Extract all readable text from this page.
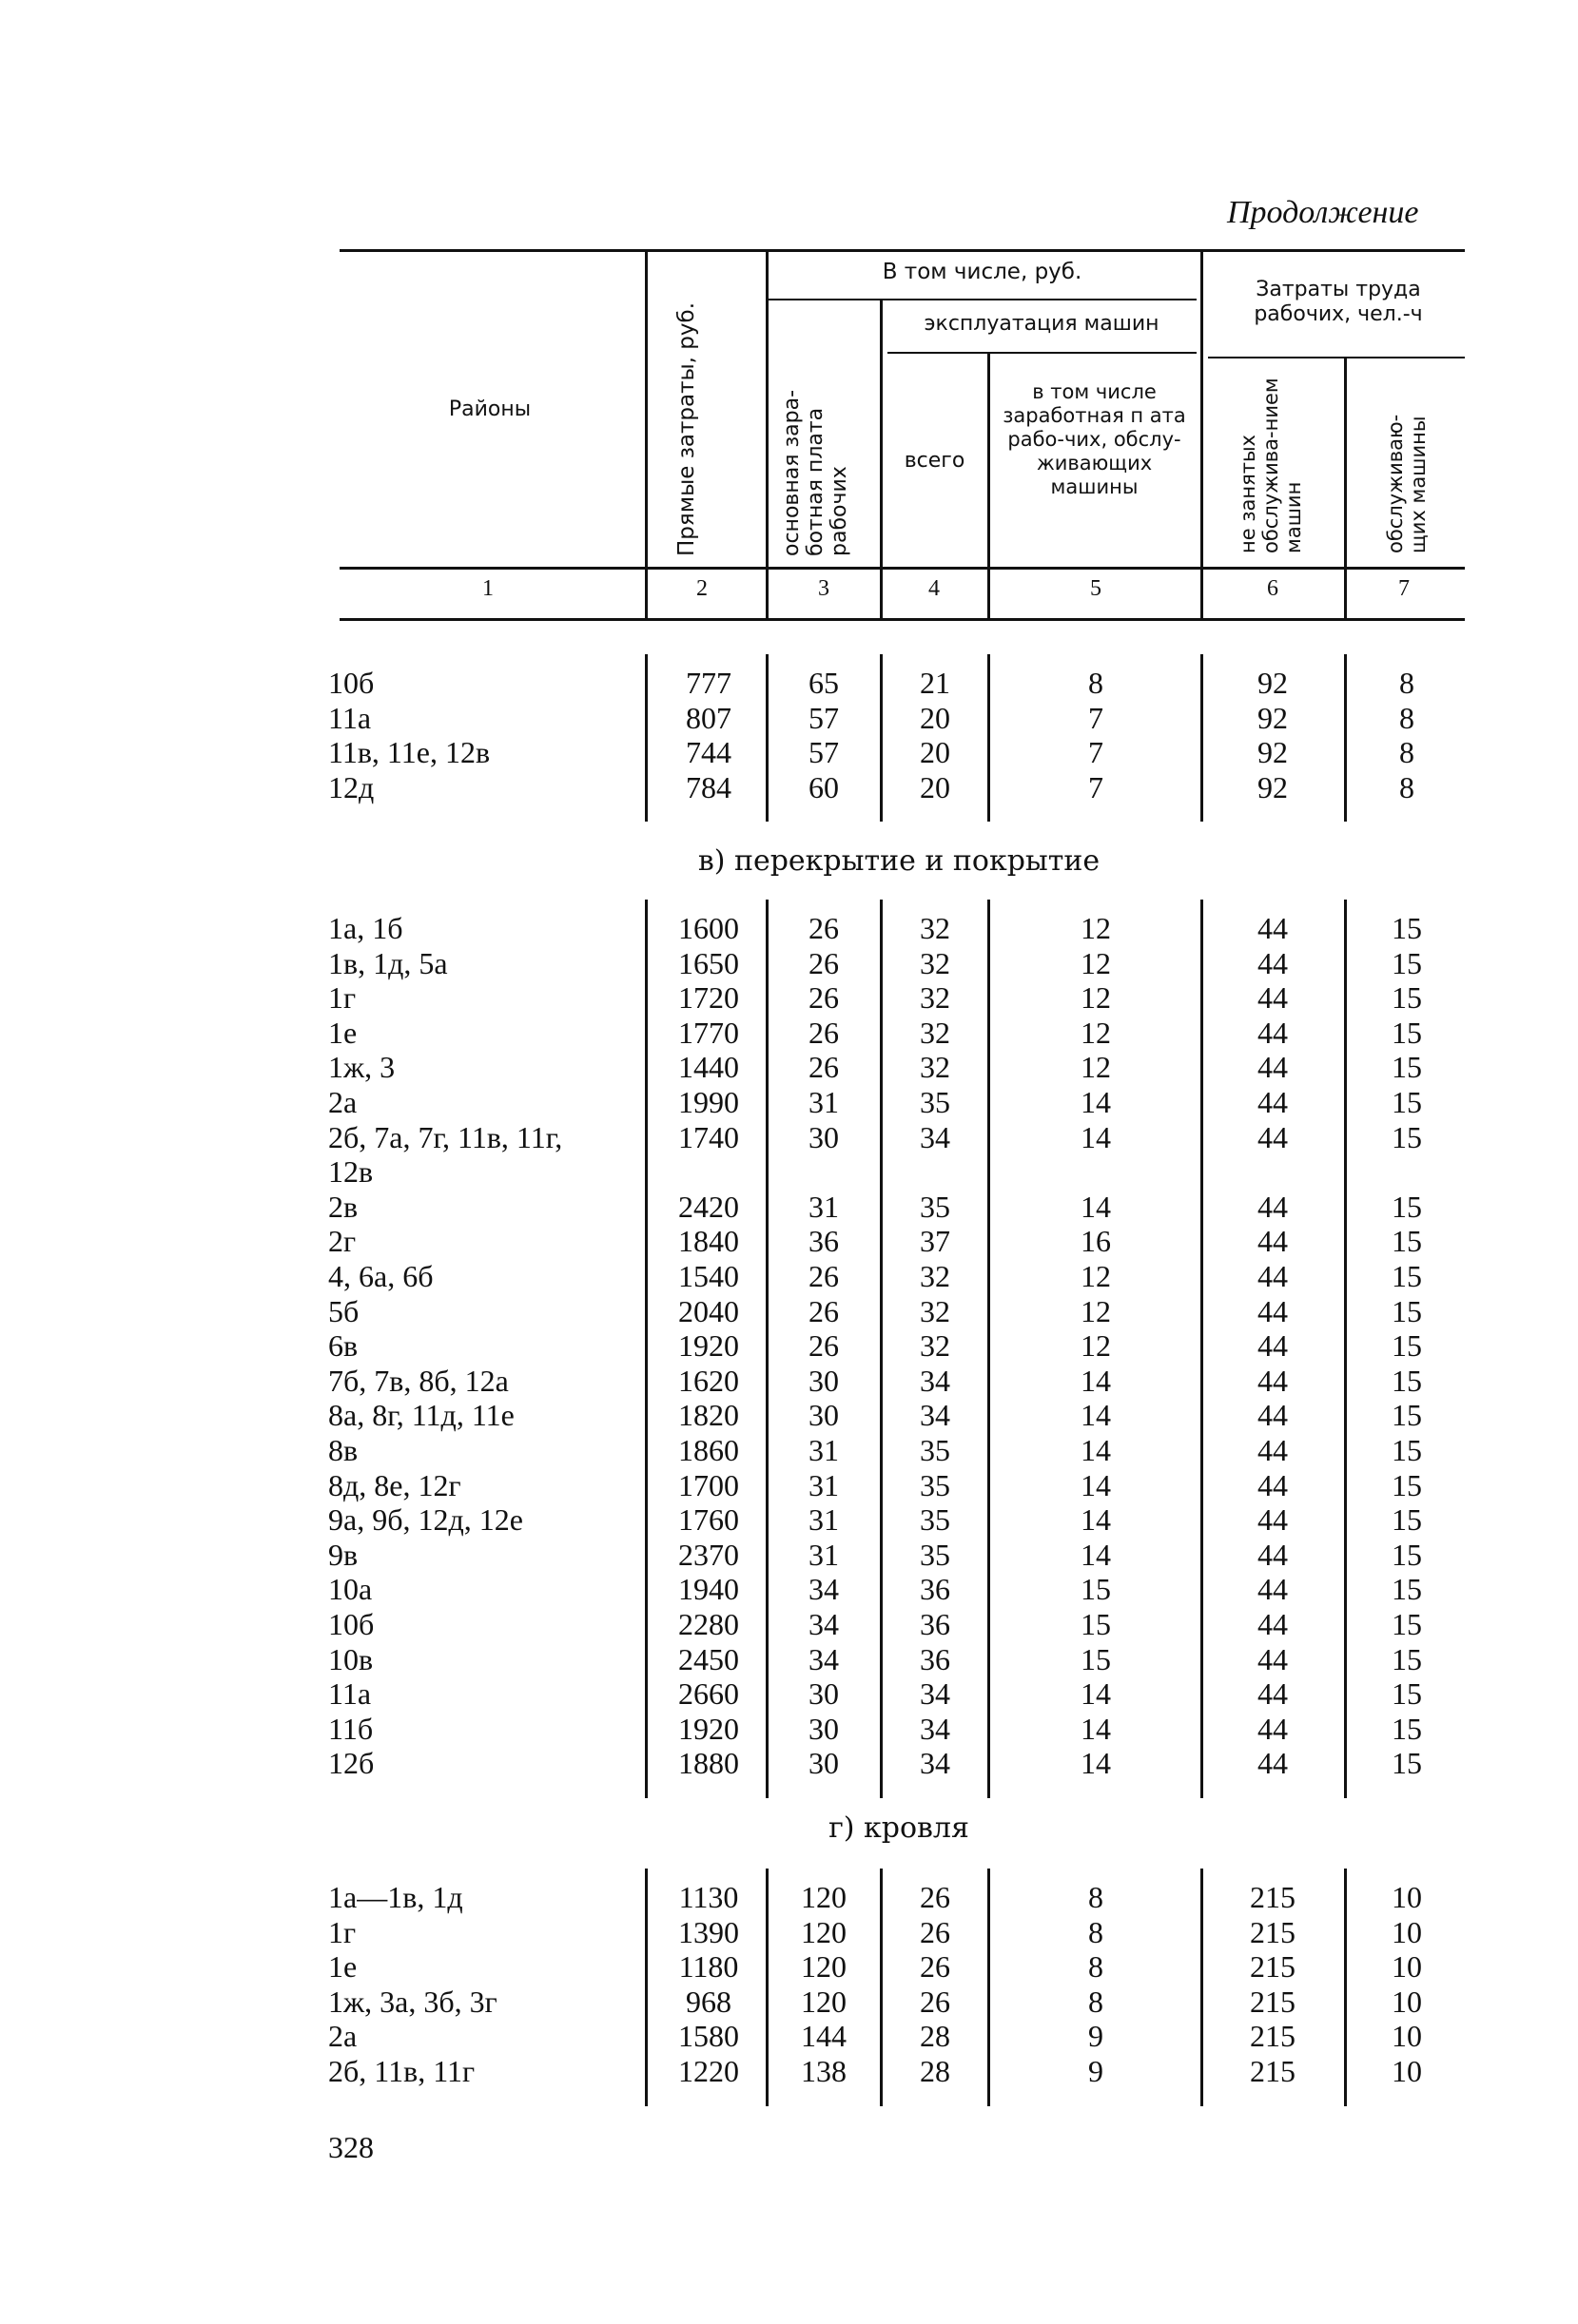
Продолжение
Районы	Прямые затраты, руб.
В том числе, руб.
основная зара-ботная плата рабочих
эксплуатация машин
всего
в том числе заработная п ата рабо-чих, обслу-живающих машины
Затраты труда рабочих, чел.-ч
не занятых обслужива-нием машин	обслуживаю-щих машины
1	2	3	4	5	6	7
10б	777	65	21	8	92	8
11а	807	57	20	7	92	8
11в, 11е, 12в	744	57	20	7	92	8
12д	784	60	20	7	92	8
в) перекрытие и покрытие
1а, 1б	1600	26	32	12	44	15
1в, 1д, 5а	1650	26	32	12	44	15
1г	1720	26	32	12	44	15
1е	1770	26	32	12	44	15
1ж, 3	1440	26	32	12	44	15
2а	1990	31	35	14	44	15
2б, 7а, 7г, 11в, 11г,	1740	30	34	14	44	15
12в
2в	2420	31	35	14	44	15
2г	1840	36	37	16	44	15
4, 6а, 6б	1540	26	32	12	44	15
5б	2040	26	32	12	44	15
6в	1920	26	32	12	44	15
7б, 7в, 8б, 12а	1620	30	34	14	44	15
8а, 8г, 11д, 11е	1820	30	34	14	44	15
8в	1860	31	35	14	44	15
8д, 8е, 12г	1700	31	35	14	44	15
9а, 9б, 12д, 12е	1760	31	35	14	44	15
9в	2370	31	35	14	44	15
10а	1940	34	36	15	44	15
10б	2280	34	36	15	44	15
10в	2450	34	36	15	44	15
11а	2660	30	34	14	44	15
11б	1920	30	34	14	44	15
12б	1880	30	34	14	44	15
г) кровля
1а—1в, 1д	1130	120	26	8	215	10
1г	1390	120	26	8	215	10
1е	1180	120	26	8	215	10
1ж, 3а, 3б, 3г	968	120	26	8	215	10
2а	1580	144	28	9	215	10
2б, 11в, 11г	1220	138	28	9	215	10
328
